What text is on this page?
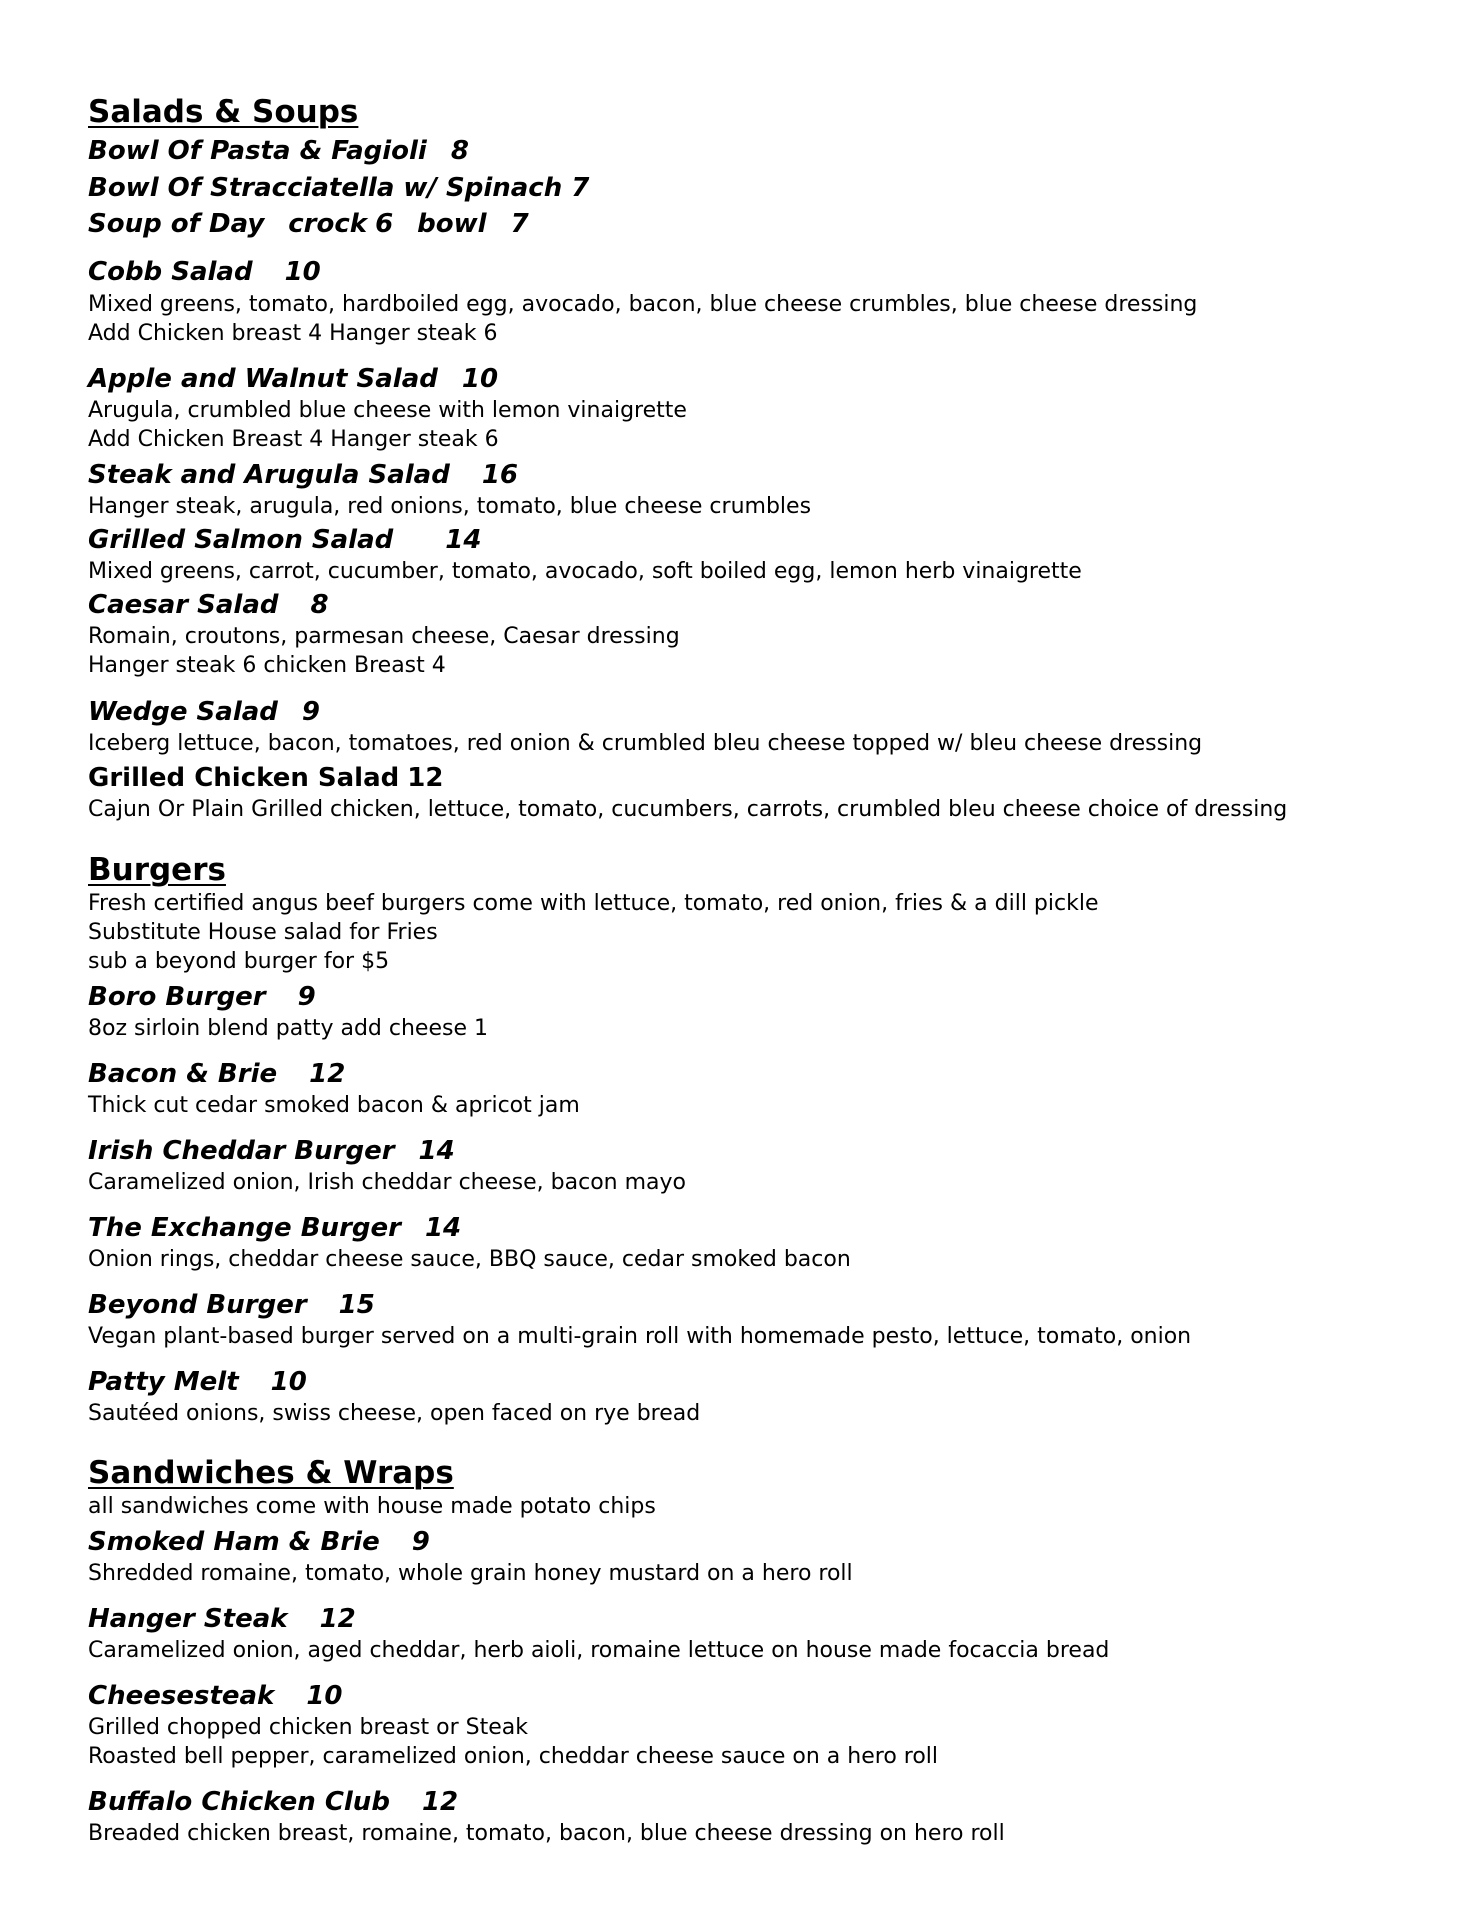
Salads & Soups
Bowl Of Pasta & Fagioli 8
Bowl Of Stracciatella w/ Spinach 7
Soup of Day crock 6 bowl 7
Cobb Salad 10
Mixed greens, tomato, hardboiled egg, avocado, bacon, blue cheese crumbles, blue cheese dressing
Add Chicken breast 4 Hanger steak 6
Apple and Walnut Salad 10
Arugula, crumbled blue cheese with lemon vinaigrette
Add Chicken Breast 4 Hanger steak 6
Steak and Arugula Salad 16
Hanger steak, arugula, red onions, tomato, blue cheese crumbles
Grilled Salmon Salad 14
Mixed greens, carrot, cucumber, tomato, avocado, soft boiled egg, lemon herb vinaigrette
Caesar Salad 8
Romain, croutons, parmesan cheese, Caesar dressing
Hanger steak 6 chicken Breast 4
Wedge Salad 9
Iceberg lettuce, bacon, tomatoes, red onion & crumbled bleu cheese topped w/ bleu cheese dressing
Grilled Chicken Salad 12
Cajun Or Plain Grilled chicken, lettuce, tomato, cucumbers, carrots, crumbled bleu cheese choice of dressing
Burgers
Fresh certified angus beef burgers come with lettuce, tomato, red onion, fries & a dill pickle
Substitute House salad for Fries
sub a beyond burger for $5
Boro Burger 9
8oz sirloin blend patty add cheese 1
Bacon & Brie 12
Thick cut cedar smoked bacon & apricot jam
Irish Cheddar Burger 14
Caramelized onion, Irish cheddar cheese, bacon mayo
The Exchange Burger 14
Onion rings, cheddar cheese sauce, BBQ sauce, cedar smoked bacon
Beyond Burger 15
Vegan plant-based burger served on a multi-grain roll with homemade pesto, lettuce, tomato, onion
Patty Melt 10
Sautéed onions, swiss cheese, open faced on rye bread
Sandwiches & Wraps
all sandwiches come with house made potato chips
Smoked Ham & Brie 9
Shredded romaine, tomato, whole grain honey mustard on a hero roll
Hanger Steak 12
Caramelized onion, aged cheddar, herb aioli, romaine lettuce on house made focaccia bread
Cheesesteak 10
Grilled chopped chicken breast or Steak
Roasted bell pepper, caramelized onion, cheddar cheese sauce on a hero roll
Buffalo Chicken Club 12
Breaded chicken breast, romaine, tomato, bacon, blue cheese dressing on hero roll
